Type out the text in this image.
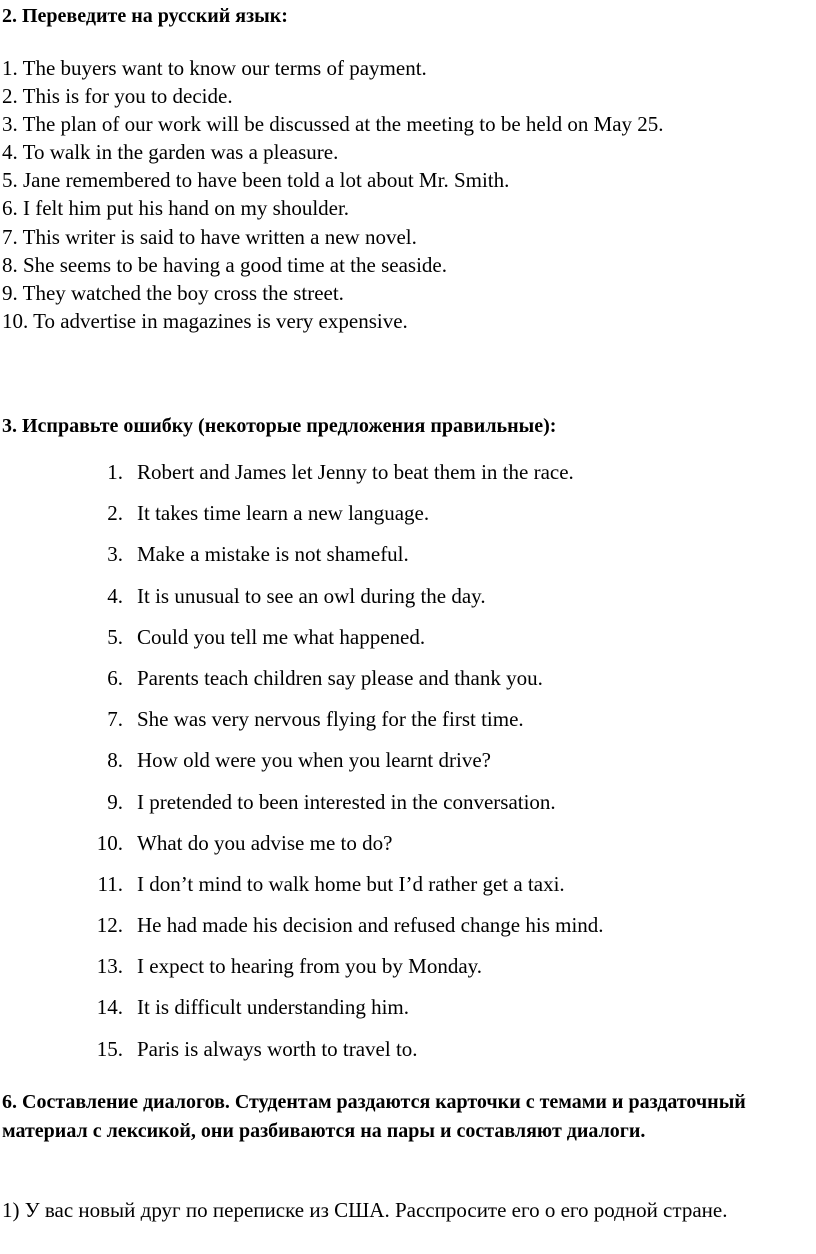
2. Переведите на русский язык:
1. The buyers want to know our terms of payment.
2. This is for you to decide.
3. The plan of our work will be discussed at the meeting to be held on May 25.
4. To walk in the garden was a pleasure.
5. Jane remembered to have been told a lot about Mr. Smith.
6. I felt him put his hand on my shoulder.
7. This writer is said to have written a new novel.
8. She seems to be having a good time at the seaside.
9. They watched the boy cross the street.
10. To advertise in magazines is very expensive.
3. Исправьте ошибку (некоторые предложения правильные):
1. Robert and James let Jenny to beat them in the race.
2. It takes time learn a new language.
3. Make a mistake is not shameful.
4. It is unusual to see an owl during the day.
5. Could you tell me what happened.
6. Parents teach children say please and thank you.
7. She was very nervous flying for the first time.
8. How old were you when you learnt drive?
9. I pretended to been interested in the conversation.
10. What do you advise me to do?
11. I don’t mind to walk home but I’d rather get a taxi.
12. He had made his decision and refused change his mind.
13. I expect to hearing from you by Monday.
14. It is difficult understanding him.
15. Paris is always worth to travel to.
6. Составление диалогов. Студентам раздаются карточки с темами и раздаточный материал с лексикой, они разбиваются на пары и составляют диалоги.

1) У вас новый друг по переписке из США. Расспросите его о его родной стране.
